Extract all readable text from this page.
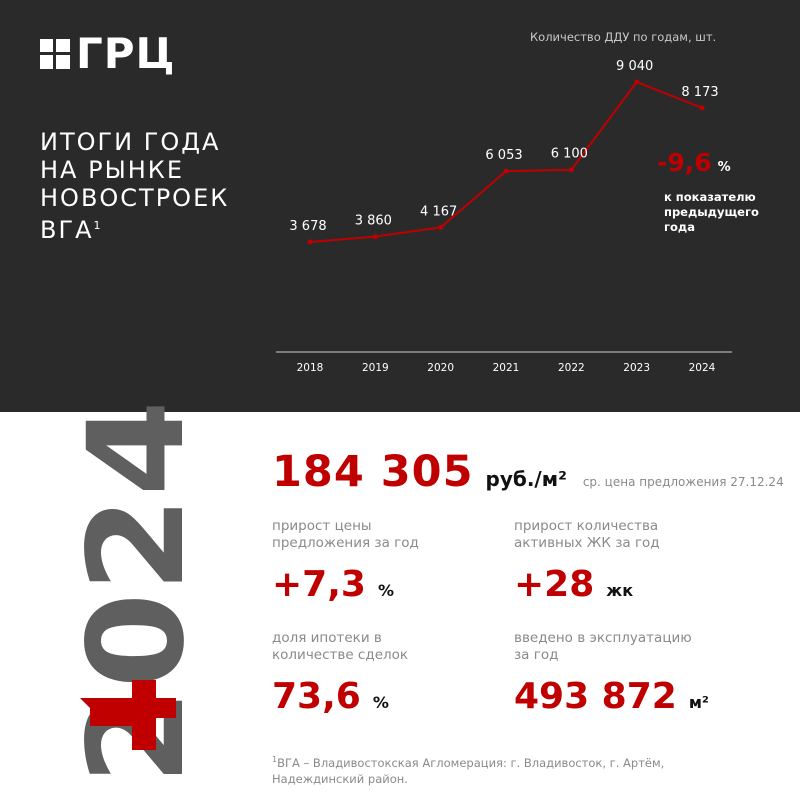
ГРЦ
ИТОГИ ГОДА
НА РЫНКЕ
НОВОСТРОЕК
ВГА$^1$
Количество ДДУ по годам, шт.
3 678
2018
3 860
2019
4 167
2020
6 053
2021
6 100
2022
9 040
2023
8 173
2024
-9,6 %
к показателю предыдущего года
2024 184 305 руб./м² ср. цена предложения 27.12.24
прирост цены
предложения за год
+7,3 %
прирост количества
активных ЖК за год
+28 жк
доля ипотеки в
количестве сделок
73,6 %
введено в эксплуатацию
за год
493 872 м²
$^1$ВГА – Владивостокская Агломерация: г. Владивосток, г. Артём,
Надеждинский район.
